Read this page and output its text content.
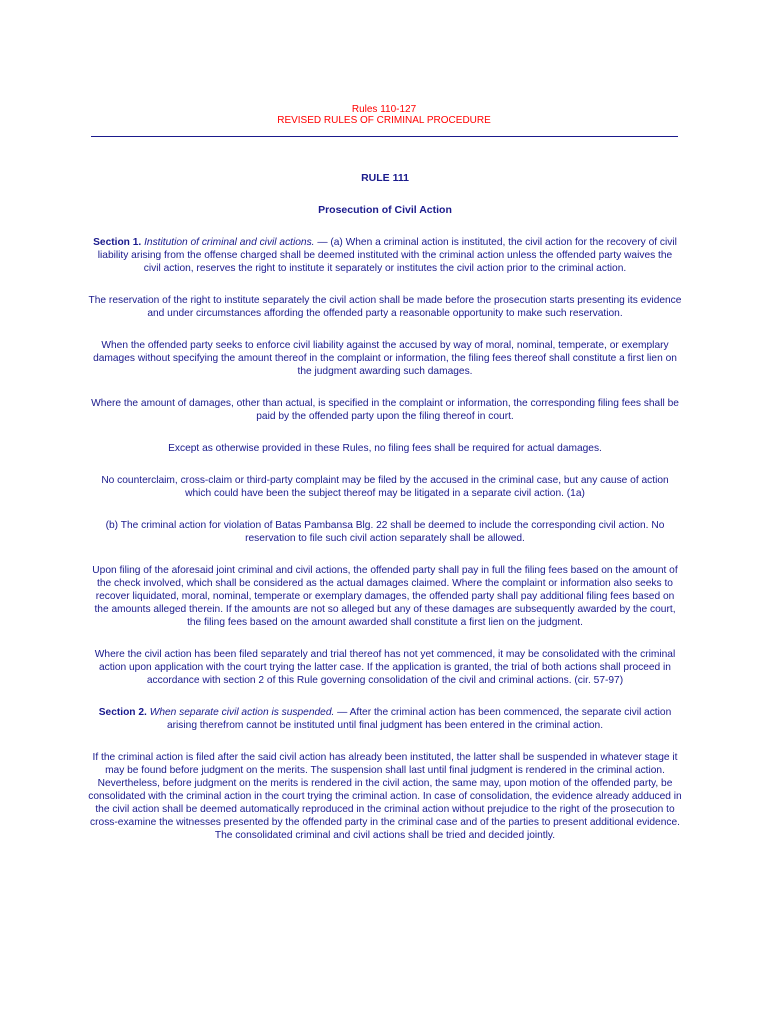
Rules 110-127
REVISED RULES OF CRIMINAL PROCEDURE

RULE 111

Prosecution of Civil Action

Section 1. Institution of criminal and civil actions. — (a) When a criminal action is instituted, the civil action for the recovery of civil liability arising from the offense charged shall be deemed instituted with the criminal action unless the offended party waives the civil action, reserves the right to institute it separately or institutes the civil action prior to the criminal action.

The reservation of the right to institute separately the civil action shall be made before the prosecution starts presenting its evidence and under circumstances affording the offended party a reasonable opportunity to make such reservation.

When the offended party seeks to enforce civil liability against the accused by way of moral, nominal, temperate, or exemplary damages without specifying the amount thereof in the complaint or information, the filing fees thereof shall constitute a first lien on the judgment awarding such damages.

Where the amount of damages, other than actual, is specified in the complaint or information, the corresponding filing fees shall be paid by the offended party upon the filing thereof in court.

Except as otherwise provided in these Rules, no filing fees shall be required for actual damages.

No counterclaim, cross-claim or third-party complaint may be filed by the accused in the criminal case, but any cause of action which could have been the subject thereof may be litigated in a separate civil action. (1a)

(b) The criminal action for violation of Batas Pambansa Blg. 22 shall be deemed to include the corresponding civil action. No reservation to file such civil action separately shall be allowed.

Upon filing of the aforesaid joint criminal and civil actions, the offended party shall pay in full the filing fees based on the amount of the check involved, which shall be considered as the actual damages claimed. Where the complaint or information also seeks to recover liquidated, moral, nominal, temperate or exemplary damages, the offended party shall pay additional filing fees based on the amounts alleged therein. If the amounts are not so alleged but any of these damages are subsequently awarded by the court, the filing fees based on the amount awarded shall constitute a first lien on the judgment.

Where the civil action has been filed separately and trial thereof has not yet commenced, it may be consolidated with the criminal action upon application with the court trying the latter case. If the application is granted, the trial of both actions shall proceed in accordance with section 2 of this Rule governing consolidation of the civil and criminal actions. (cir. 57-97)

Section 2. When separate civil action is suspended. — After the criminal action has been commenced, the separate civil action arising therefrom cannot be instituted until final judgment has been entered in the criminal action.

If the criminal action is filed after the said civil action has already been instituted, the latter shall be suspended in whatever stage it may be found before judgment on the merits. The suspension shall last until final judgment is rendered in the criminal action. Nevertheless, before judgment on the merits is rendered in the civil action, the same may, upon motion of the offended party, be consolidated with the criminal action in the court trying the criminal action. In case of consolidation, the evidence already adduced in the civil action shall be deemed automatically reproduced in the criminal action without prejudice to the right of the prosecution to cross-examine the witnesses presented by the offended party in the criminal case and of the parties to present additional evidence. The consolidated criminal and civil actions shall be tried and decided jointly.
